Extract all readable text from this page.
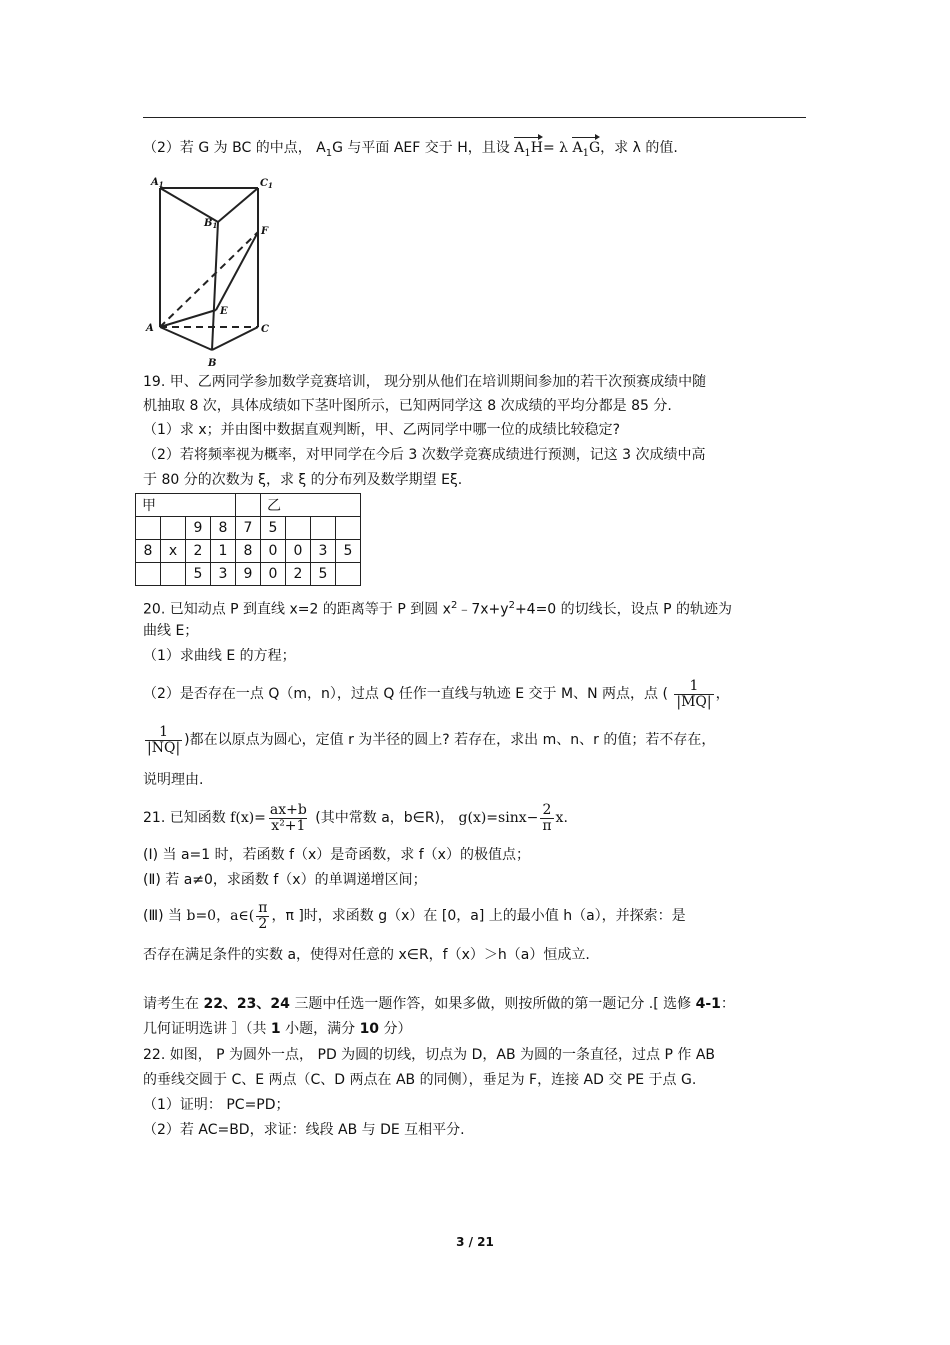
（2）若 G 为 BC 的中点， $A_1G$ 与平面 AEF 交于 H，且设 $A_1H= \lambda$ $A_1G$，求 λ 的值.
$A_1$	$C_1$
$B_1$
F
E
A	C
B
19. 甲、乙两同学参加数学竞赛培训， 现分别从他们在培训期间参加的若干次预赛成绩中随
机抽取 8 次，具体成绩如下茎叶图所示，已知两同学这 8 次成绩的平均分都是 85 分.
（1）求 x；并由图中数据直观判断，甲、乙两同学中哪一位的成绩比较稳定?
（2）若将频率视为概率，对甲同学在今后 3 次数学竞赛成绩进行预测，记这 3 次成绩中高
于 80 分的次数为 ξ，求 ξ 的分布列及数学期望 Eξ.
甲					乙			
		9	8	7	5			
8	x	2	1	8	0	0	3	5
		5	3	9	0	2	5	
20. 已知动点 P 到直线 x=2 的距离等于 P 到圆 $x^2﹣7x+y^2+4=0$ 的切线长，设点 P 的轨迹为
曲线 E；
（1）求曲线 E 的方程；
（2）是否存在一点 Q（m，n），过点 Q 任作一直线与轨迹 E 交于 M、N 两点，点 ( $\frac{1}{|MQ|}$ ，
$\frac{1}{|NQ|}$ )都在以原点为圆心，定值 r 为半径的圆上? 若存在，求出 m、n、r 的值；若不存在，
说明理由.
21. 已知函数 $f(x)= \frac{ax+b}{\text{x²+1}}$ (其中常数 a，b∈R)， $g(x)=\sin x- \frac{2}{\pi} x$.
(Ⅰ) 当 a=1 时，若函数 f（x）是奇函数，求 f（x）的极值点；
(Ⅱ) 若 a≠0，求函数 f（x）的单调递增区间；
(Ⅲ) 当 b=0，a∈( $\frac{\pi}{2}$ ，π ]时，求函数 g（x）在 [0，a] 上的最小值 h（a），并探索：是
否存在满足条件的实数 a，使得对任意的 x∈R，f（x）＞h（a）恒成立.
请考生在 22、23、24 三题中任选一题作答，如果多做，则按所做的第一题记分 .[ 选修 4-1：
几何证明选讲 ］（共 1 小题，满分 10 分）
22. 如图， P 为圆外一点， PD 为圆的切线，切点为 D，AB 为圆的一条直径，过点 P 作 AB
的垂线交圆于 C、E 两点（C、D 两点在 AB 的同侧），垂足为 F，连接 AD 交 PE 于点 G.
（1）证明： PC=PD；
（2）若 AC=BD，求证：线段 AB 与 DE 互相平分.
3 / 21
